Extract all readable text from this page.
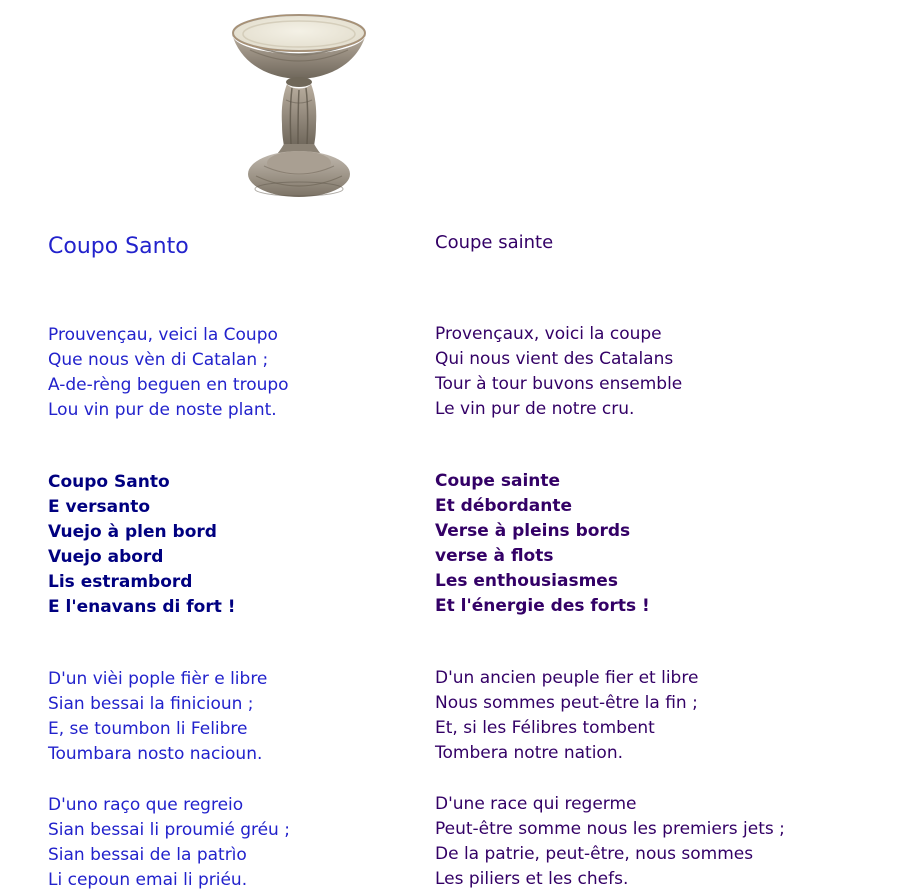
Coupo Santo
Prouvençau, veici la Coupo
Que nous vèn di Catalan ;
A-de-rèng beguen en troupo
Lou vin pur de noste plant.
Coupo Santo
E versanto
Vuejo à plen bord
Vuejo abord
Lis estrambord
E l'enavans di fort !
D'un vièi pople fièr e libre
Sian bessai la finicioun ;
E, se toumbon li Felibre
Toumbara nosto nacioun.
D'uno raço que regreio
Sian bessai li proumié gréu ;
Sian bessai de la patrìo
Li cepoun emai li priéu.
Coupe sainte
Provençaux, voici la coupe
Qui nous vient des Catalans
Tour à tour buvons ensemble
Le vin pur de notre cru.
Coupe sainte
Et débordante
Verse à pleins bords
verse à flots
Les enthousiasmes
Et l'énergie des forts !
D'un ancien peuple fier et libre
Nous sommes peut-être la fin ;
Et, si les Félibres tombent
Tombera notre nation.
D'une race qui regerme
Peut-être somme nous les premiers jets ;
De la patrie, peut-être, nous sommes
Les piliers et les chefs.
